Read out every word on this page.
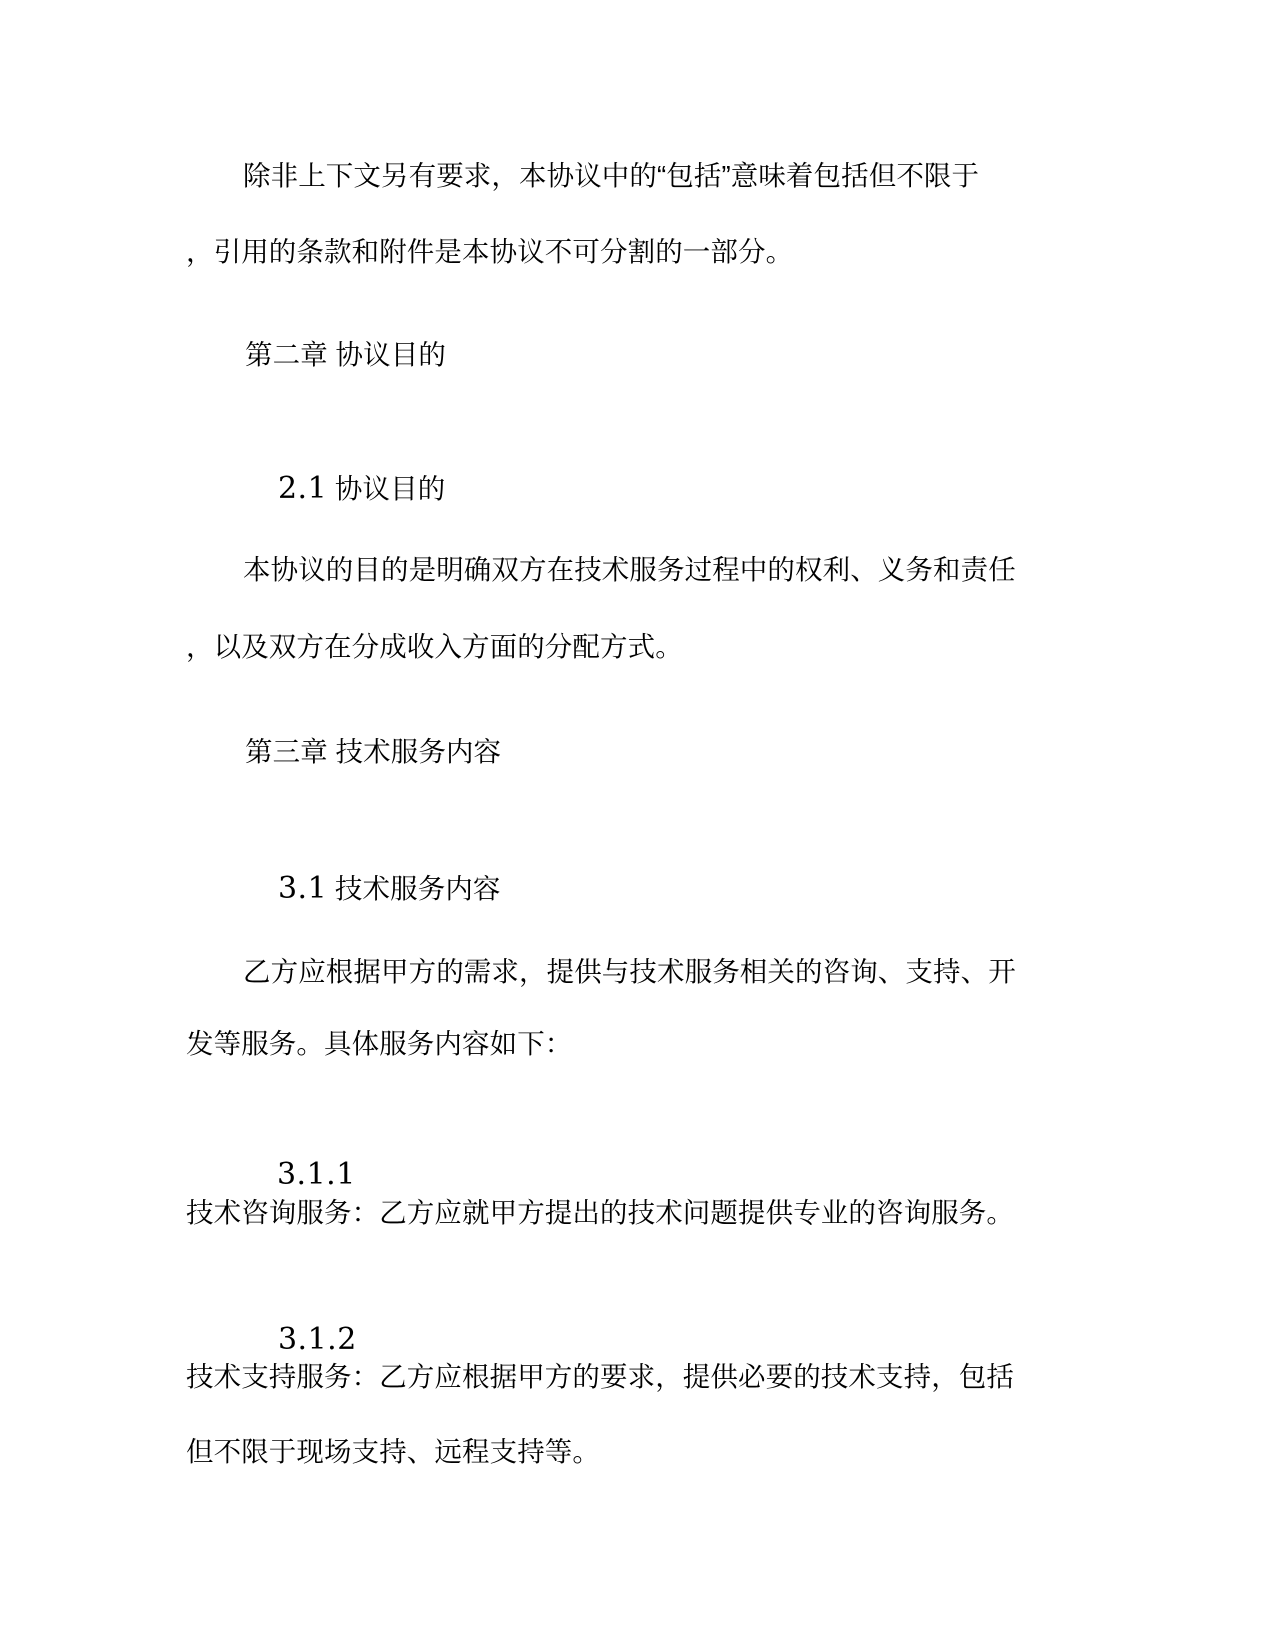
除非上下文另有要求，本协议中的“包括”意味着包括但不限于
，引用的条款和附件是本协议不可分割的一部分。
第二章 协议目的

2.1 协议目的

本协议的目的是明确双方在技术服务过程中的权利、义务和责任
，以及双方在分成收入方面的分配方式。
第三章 技术服务内容

3.1 技术服务内容

乙方应根据甲方的需求，提供与技术服务相关的咨询、支持、开
发等服务。具体服务内容如下：

3.1.1

技术咨询服务：乙方应就甲方提出的技术问题提供专业的咨询服务。

3.1.2

技术支持服务：乙方应根据甲方的要求，提供必要的技术支持，包括
但不限于现场支持、远程支持等。
